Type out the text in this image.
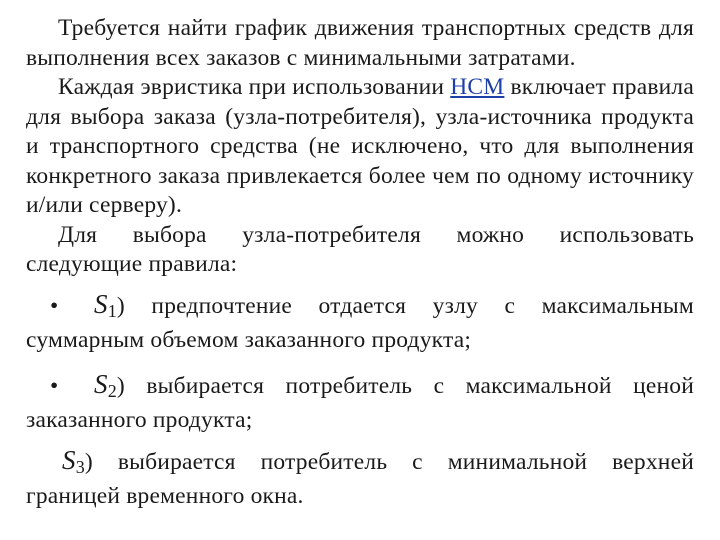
Требуется найти график движения транспортных средств для выполнения всех заказов с минимальными затратами.

Каждая эвристика при использовании HCM включает правила для выбора заказа (узла-потребителя), узла-источника продукта и транспортного средства (не исключено, что для выполнения конкретного заказа привлекается более чем по одному источнику и/или серверу).

Для выбора узла-потребителя можно использовать следующие правила:

• $S_1$) предпочтение отдается узлу с максимальным суммарным объемом заказанного продукта;

• $S_2$) выбирается потребитель с максимальной ценой заказанного продукта;

$S_3$) выбирается потребитель с минимальной верхней границей временного окна.
